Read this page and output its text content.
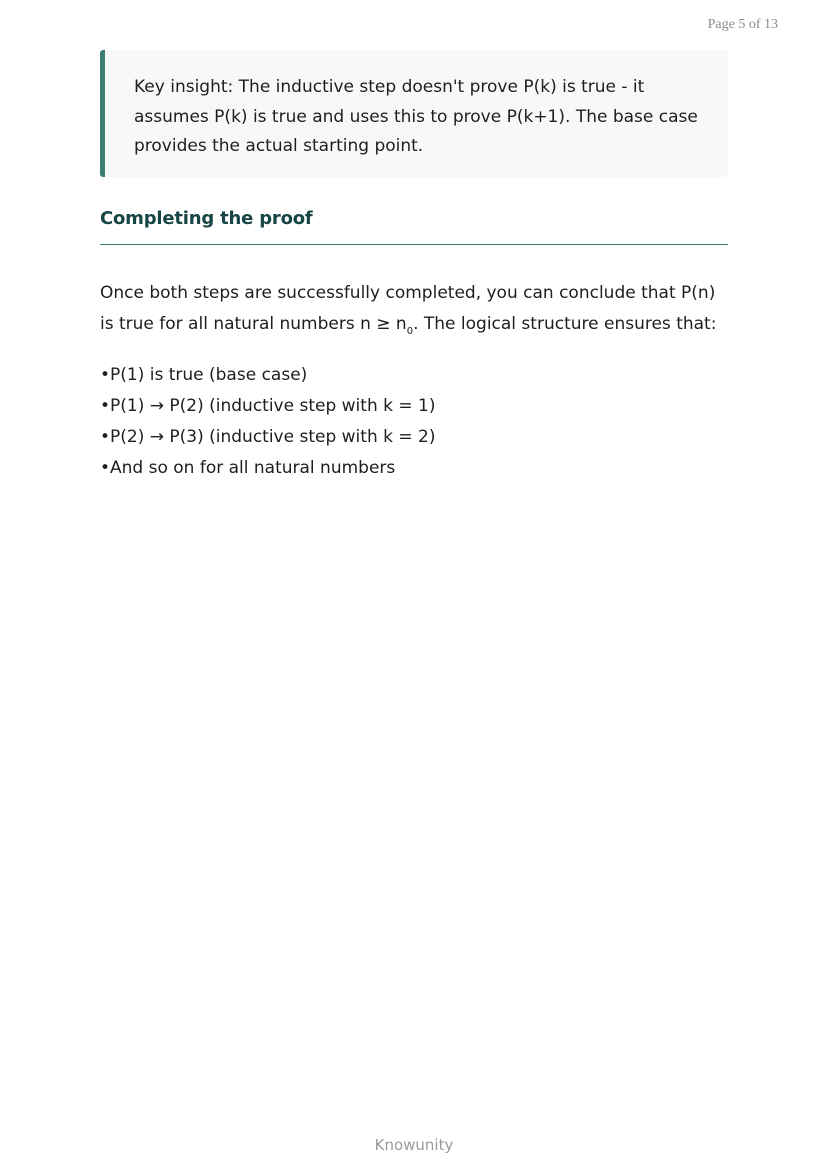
Page 5 of 13

Key insight: The inductive step doesn't prove P(k) is true - it assumes P(k) is true and uses this to prove P(k+1). The base case provides the actual starting point.

Completing the proof

Once both steps are successfully completed, you can conclude that P(n) is true for all natural numbers $n \ge n_0$. The logical structure ensures that:

•P(1) is true (base case)
•P(1) → P(2) (inductive step with k = 1)
•P(2) → P(3) (inductive step with k = 2)
•And so on for all natural numbers
Knowunity
